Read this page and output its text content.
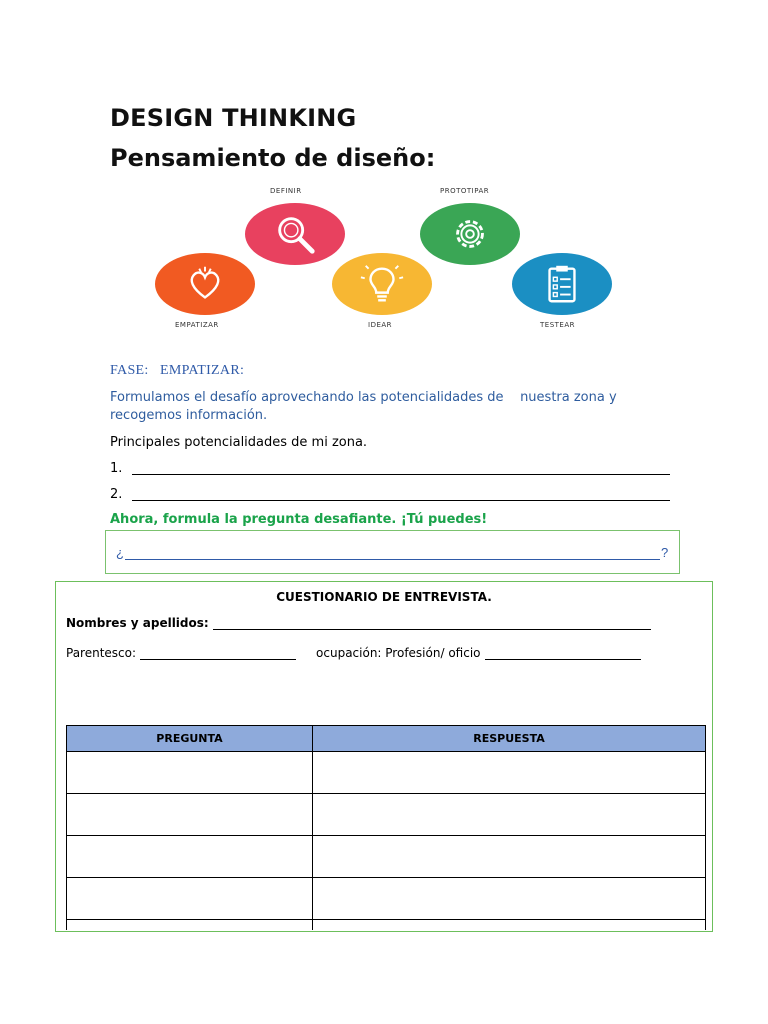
DESIGN THINKING
Pensamiento de diseño:
DEFINIR	PROTOTIPAR
EMPATIZAR	IDEAR	TESTEAR
FASE:   EMPATIZAR:
Formulamos el desafío aprovechando las potencialidades de    nuestra zona y recogemos información.
Principales potencialidades de mi zona.
1.
2.
Ahora, formula la pregunta desafiante. ¡Tú puedes!
¿	?
CUESTIONARIO DE ENTREVISTA.
Nombres y apellidos:
Parentesco:	ocupación: Profesión/ oficio
PREGUNTA	RESPUESTA
